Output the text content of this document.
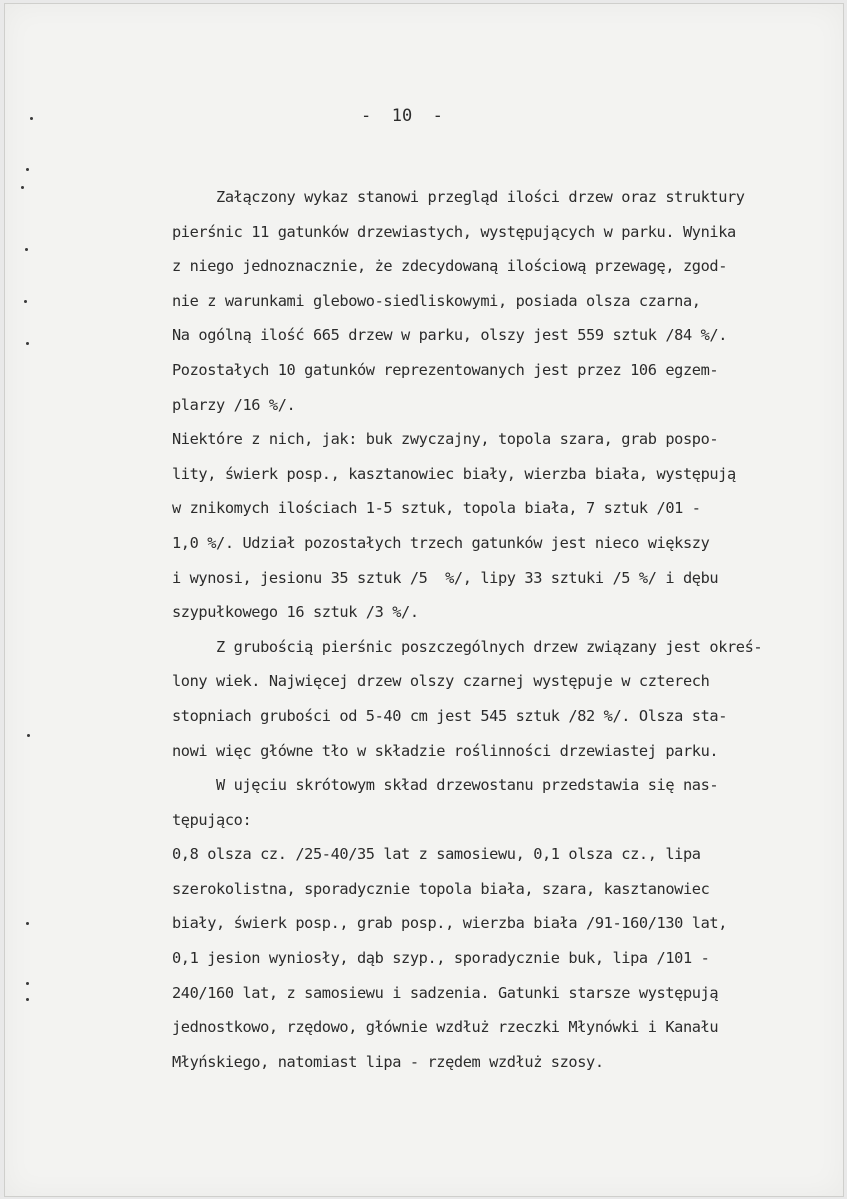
-  10  -
Załączony wykaz stanowi przegląd ilości drzew oraz struktury
pierśnic 11 gatunków drzewiastych, występujących w parku. Wynika
z niego jednoznacznie, że zdecydowaną ilościową przewagę, zgod-
nie z warunkami glebowo-siedliskowymi, posiada olsza czarna,
Na ogólną ilość 665 drzew w parku, olszy jest 559 sztuk /84 %/.
Pozostałych 10 gatunków reprezentowanych jest przez 106 egzem-
plarzy /16 %/.
Niektóre z nich, jak: buk zwyczajny, topola szara, grab pospo-
lity, świerk posp., kasztanowiec biały, wierzba biała, występują
w znikomych ilościach 1-5 sztuk, topola biała, 7 sztuk /01 -
1,0 %/. Udział pozostałych trzech gatunków jest nieco większy
i wynosi, jesionu 35 sztuk /5  %/, lipy 33 sztuki /5 %/ i dębu
szypułkowego 16 sztuk /3 %/.
Z grubością pierśnic poszczególnych drzew związany jest okreś-
lony wiek. Najwięcej drzew olszy czarnej występuje w czterech
stopniach grubości od 5-40 cm jest 545 sztuk /82 %/. Olsza sta-
nowi więc główne tło w składzie roślinności drzewiastej parku.
W ujęciu skrótowym skład drzewostanu przedstawia się nas-
tępująco:
0,8 olsza cz. /25-40/35 lat z samosiewu, 0,1 olsza cz., lipa
szerokolistna, sporadycznie topola biała, szara, kasztanowiec
biały, świerk posp., grab posp., wierzba biała /91-160/130 lat,
0,1 jesion wyniosły, dąb szyp., sporadycznie buk, lipa /101 -
240/160 lat, z samosiewu i sadzenia. Gatunki starsze występują
jednostkowo, rzędowo, głównie wzdłuż rzeczki Młynówki i Kanału
Młyńskiego, natomiast lipa - rzędem wzdłuż szosy.
